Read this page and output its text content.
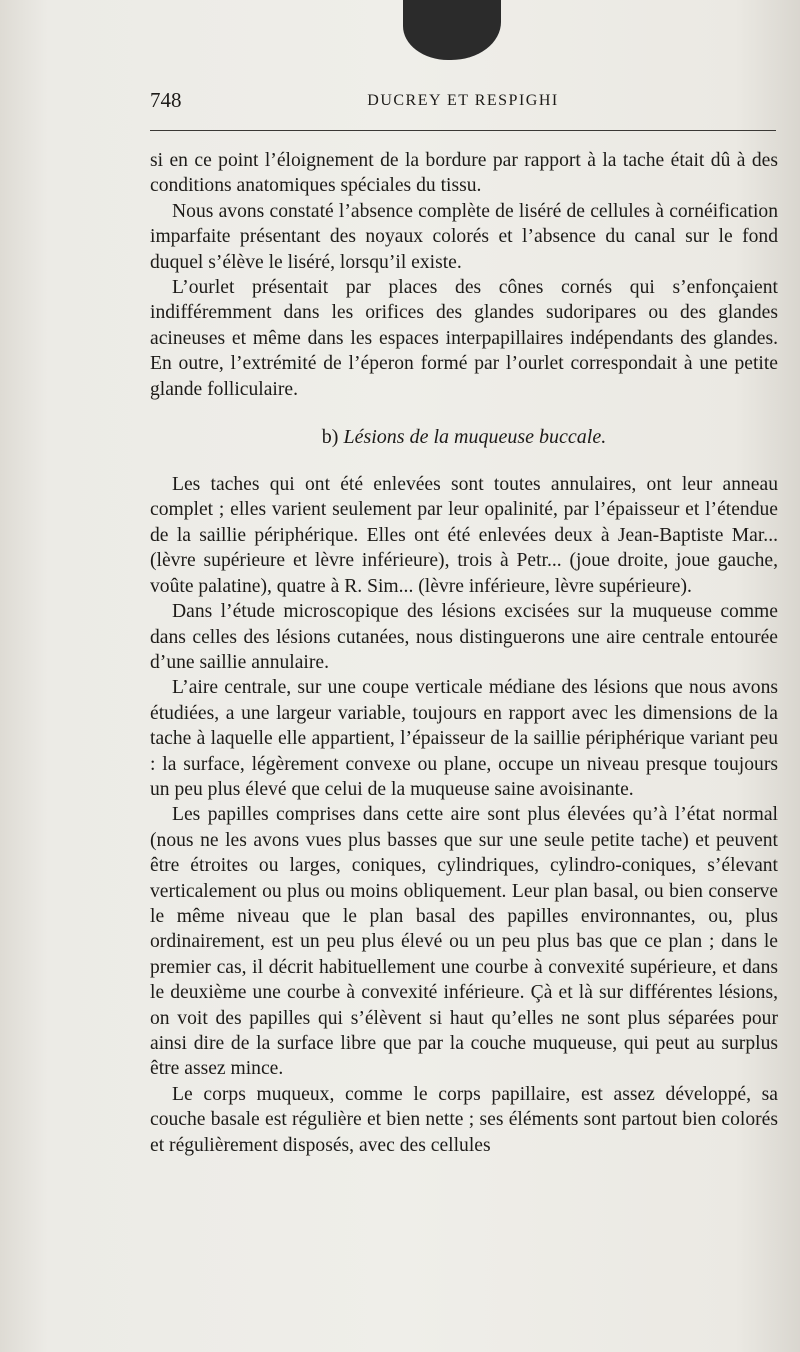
748	DUCREY ET RESPIGHI

si en ce point l’éloignement de la bordure par rapport à la tache était dû à des conditions anatomiques spéciales du tissu.

Nous avons constaté l’absence complète de liséré de cellules à cornéification imparfaite présentant des noyaux colorés et l’absence du canal sur le fond duquel s’élève le liséré, lorsqu’il existe.

L’ourlet présentait par places des cônes cornés qui s’enfonçaient indifféremment dans les orifices des glandes sudoripares ou des glandes acineuses et même dans les espaces interpapillaires indépendants des glandes. En outre, l’extrémité de l’éperon formé par l’ourlet correspondait à une petite glande folliculaire.

b) Lésions de la muqueuse buccale.

Les taches qui ont été enlevées sont toutes annulaires, ont leur anneau complet ; elles varient seulement par leur opalinité, par l’épaisseur et l’étendue de la saillie périphérique. Elles ont été enlevées deux à Jean-Baptiste Mar... (lèvre supérieure et lèvre inférieure), trois à Petr... (joue droite, joue gauche, voûte palatine), quatre à R. Sim... (lèvre inférieure, lèvre supérieure).

Dans l’étude microscopique des lésions excisées sur la muqueuse comme dans celles des lésions cutanées, nous distinguerons une aire centrale entourée d’une saillie annulaire.

L’aire centrale, sur une coupe verticale médiane des lésions que nous avons étudiées, a une largeur variable, toujours en rapport avec les dimensions de la tache à laquelle elle appartient, l’épaisseur de la saillie périphérique variant peu : la surface, légèrement convexe ou plane, occupe un niveau presque toujours un peu plus élevé que celui de la muqueuse saine avoisinante.

Les papilles comprises dans cette aire sont plus élevées qu’à l’état normal (nous ne les avons vues plus basses que sur une seule petite tache) et peuvent être étroites ou larges, coniques, cylindriques, cylindro-coniques, s’élevant verticalement ou plus ou moins obliquement. Leur plan basal, ou bien conserve le même niveau que le plan basal des papilles environnantes, ou, plus ordinairement, est un peu plus élevé ou un peu plus bas que ce plan ; dans le premier cas, il décrit habituellement une courbe à convexité supérieure, et dans le deuxième une courbe à convexité inférieure. Çà et là sur différentes lésions, on voit des papilles qui s’élèvent si haut qu’elles ne sont plus séparées pour ainsi dire de la surface libre que par la couche muqueuse, qui peut au surplus être assez mince.

Le corps muqueux, comme le corps papillaire, est assez développé, sa couche basale est régulière et bien nette ; ses éléments sont partout bien colorés et régulièrement disposés, avec des cellules
